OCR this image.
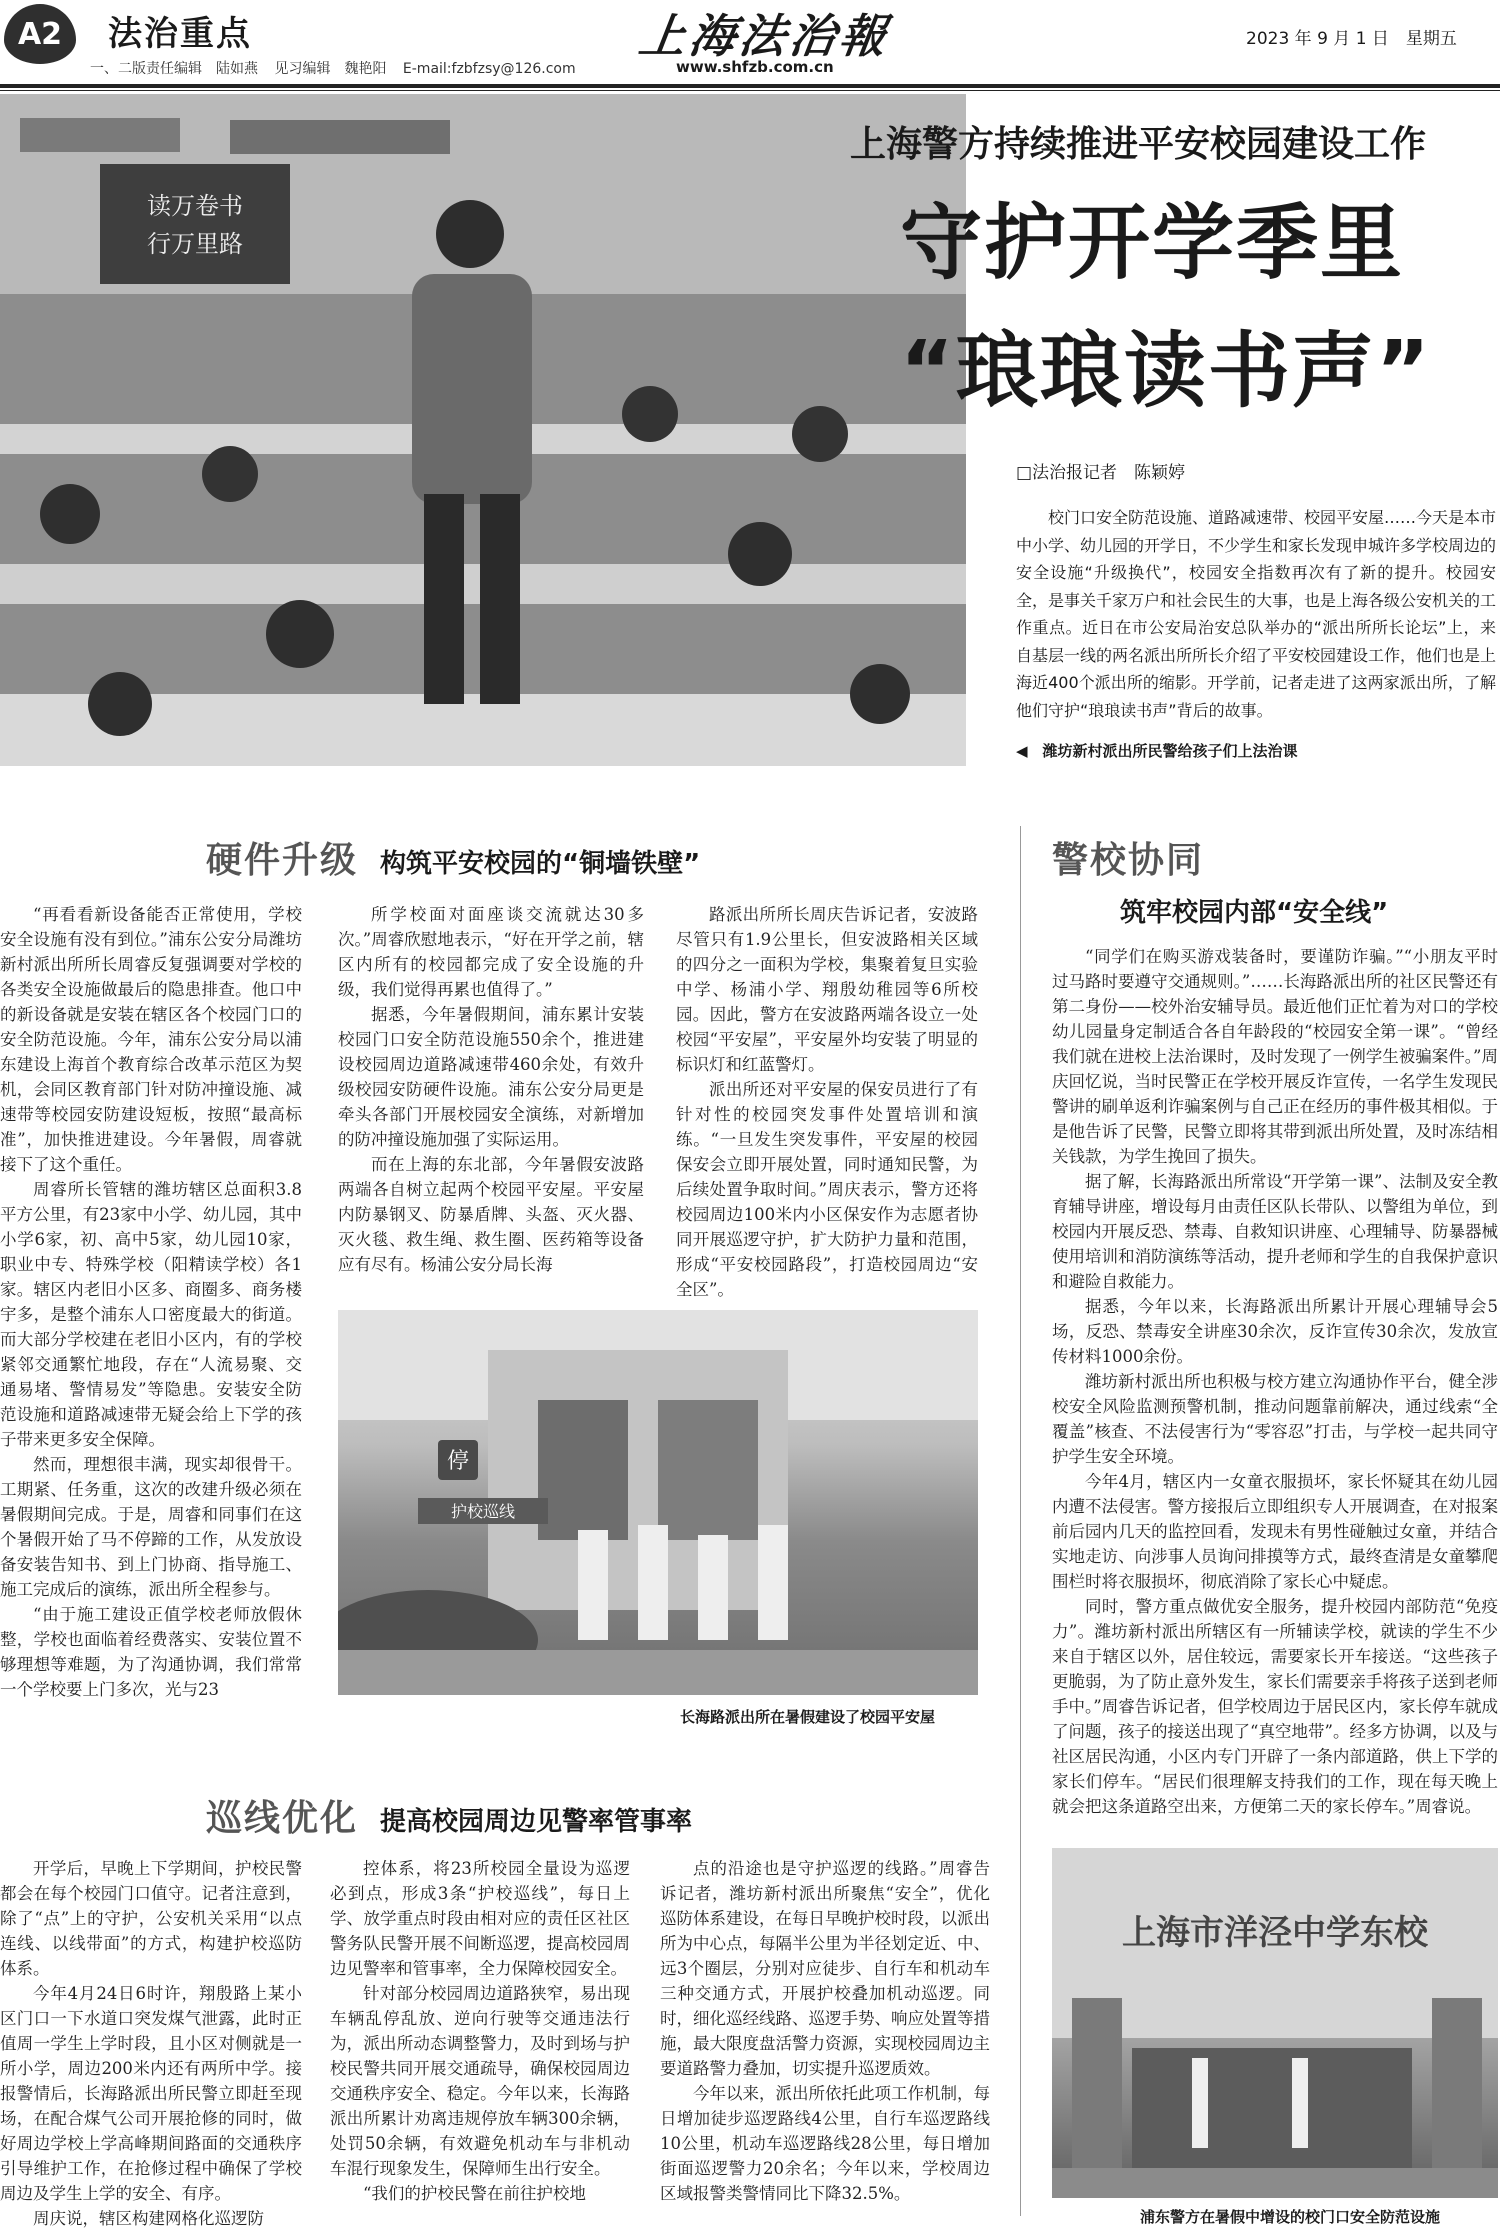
A2	法治重点
一、二版责任编辑　陆如燕 见习编辑　魏艳阳 E-mail:fzbfzsy@126.com
上海法治報
www.shfzb.com.cn
2023 年 9 月 1 日　星期五
读万卷书
行万里路
上海警方持续推进平安校园建设工作
守护开学季里
“琅琅读书声”
□法治报记者　陈颖婷
校门口安全防范设施、道路减速带、校园平安屋……今天是本市中小学、幼儿园的开学日，不少学生和家长发现申城许多学校周边的安全设施“升级换代”，校园安全指数再次有了新的提升。校园安全，是事关千家万户和社会民生的大事，也是上海各级公安机关的工作重点。近日在市公安局治安总队举办的“派出所所长论坛”上，来自基层一线的两名派出所所长介绍了平安校园建设工作，他们也是上海近400个派出所的缩影。开学前，记者走进了这两家派出所，了解他们守护“琅琅读书声”背后的故事。
◀　潍坊新村派出所民警给孩子们上法治课
硬件升级 构筑平安校园的“铜墙铁壁”

“再看看新设备能否正常使用，学校安全设施有没有到位。”浦东公安分局潍坊新村派出所所长周睿反复强调要对学校的各类安全设施做最后的隐患排查。他口中的新设备就是安装在辖区各个校园门口的安全防范设施。今年，浦东公安分局以浦东建设上海首个教育综合改革示范区为契机，会同区教育部门针对防冲撞设施、减速带等校园安防建设短板，按照“最高标准”，加快推进建设。今年暑假，周睿就接下了这个重任。

周睿所长管辖的潍坊辖区总面积3.8平方公里，有23家中小学、幼儿园，其中小学6家，初、高中5家，幼儿园10家，职业中专、特殊学校（阳精读学校）各1家。辖区内老旧小区多、商圈多、商务楼宇多，是整个浦东人口密度最大的街道。而大部分学校建在老旧小区内，有的学校紧邻交通繁忙地段，存在“人流易聚、交通易堵、警情易发”等隐患。安装安全防范设施和道路减速带无疑会给上下学的孩子带来更多安全保障。

然而，理想很丰满，现实却很骨干。工期紧、任务重，这次的改建升级必须在暑假期间完成。于是，周睿和同事们在这个暑假开始了马不停蹄的工作，从发放设备安装告知书、到上门协商、指导施工、施工完成后的演练，派出所全程参与。

“由于施工建设正值学校老师放假休整，学校也面临着经费落实、安装位置不够理想等难题，为了沟通协调，我们常常一个学校要上门多次，光与23

所学校面对面座谈交流就达30多次。”周睿欣慰地表示，“好在开学之前，辖区内所有的校园都完成了安全设施的升级，我们觉得再累也值得了。”

据悉，今年暑假期间，浦东累计安装校园门口安全防范设施550余个，推进建设校园周边道路减速带460余处，有效升级校园安防硬件设施。浦东公安分局更是牵头各部门开展校园安全演练，对新增加的防冲撞设施加强了实际运用。

而在上海的东北部，今年暑假安波路两端各自树立起两个校园平安屋。平安屋内防暴钢叉、防暴盾牌、头盔、灭火器、灭火毯、救生绳、救生圈、医药箱等设备应有尽有。杨浦公安分局长海

路派出所所长周庆告诉记者，安波路尽管只有1.9公里长，但安波路相关区域的四分之一面积为学校，集聚着复旦实验中学、杨浦小学、翔殷幼稚园等6所校园。因此，警方在安波路两端各设立一处校园“平安屋”，平安屋外均安装了明显的标识灯和红蓝警灯。

派出所还对平安屋的保安员进行了有针对性的校园突发事件处置培训和演练。“一旦发生突发事件，平安屋的校园保安会立即开展处置，同时通知民警，为后续处置争取时间。”周庆表示，警方还将校园周边100米内小区保安作为志愿者协同开展巡逻守护，扩大防护力量和范围，形成“平安校园路段”，打造校园周边“安全区”。

停
护校巡线
长海路派出所在暑假建设了校园平安屋
巡线优化 提高校园周边见警率管事率

开学后，早晚上下学期间，护校民警都会在每个校园门口值守。记者注意到，除了“点”上的守护，公安机关采用“以点连线、以线带面”的方式，构建护校巡防体系。

今年4月24日6时许，翔殷路上某小区门口一下水道口突发煤气泄露，此时正值周一学生上学时段，且小区对侧就是一所小学，周边200米内还有两所中学。接报警情后，长海路派出所民警立即赶至现场，在配合煤气公司开展抢修的同时，做好周边学校上学高峰期间路面的交通秩序引导维护工作，在抢修过程中确保了学校周边及学生上学的安全、有序。

周庆说，辖区构建网格化巡逻防

控体系，将23所校园全量设为巡逻必到点，形成3条“护校巡线”，每日上学、放学重点时段由相对应的责任区社区警务队民警开展不间断巡逻，提高校园周边见警率和管事率，全力保障校园安全。

针对部分校园周边道路狭窄，易出现车辆乱停乱放、逆向行驶等交通违法行为，派出所动态调整警力，及时到场与护校民警共同开展交通疏导，确保校园周边交通秩序安全、稳定。今年以来，长海路派出所累计劝离违规停放车辆300余辆，处罚50余辆，有效避免机动车与非机动车混行现象发生，保障师生出行安全。

“我们的护校民警在前往护校地

点的沿途也是守护巡逻的线路。”周睿告诉记者，潍坊新村派出所聚焦“安全”，优化巡防体系建设，在每日早晚护校时段，以派出所为中心点，每隔半公里为半径划定近、中、远3个圈层，分别对应徒步、自行车和机动车三种交通方式，开展护校叠加机动巡逻。同时，细化巡经线路、巡逻手势、响应处置等措施，最大限度盘活警力资源，实现校园周边主要道路警力叠加，切实提升巡逻质效。

今年以来，派出所依托此项工作机制，每日增加徒步巡逻路线4公里，自行车巡逻路线10公里，机动车巡逻路线28公里，每日增加街面巡逻警力20余名；今年以来，学校周边区域报警类警情同比下降32.5%。

警校协同
筑牢校园内部“安全线”

“同学们在购买游戏装备时，要谨防诈骗。”“小朋友平时过马路时要遵守交通规则。”……长海路派出所的社区民警还有第二身份——校外治安辅导员。最近他们正忙着为对口的学校幼儿园量身定制适合各自年龄段的“校园安全第一课”。“曾经我们就在进校上法治课时，及时发现了一例学生被骗案件。”周庆回忆说，当时民警正在学校开展反诈宣传，一名学生发现民警讲的刷单返利诈骗案例与自己正在经历的事件极其相似。于是他告诉了民警，民警立即将其带到派出所处置，及时冻结相关钱款，为学生挽回了损失。

据了解，长海路派出所常设“开学第一课”、法制及安全教育辅导讲座，增设每月由责任区队长带队、以警组为单位，到校园内开展反恐、禁毒、自救知识讲座、心理辅导、防暴器械使用培训和消防演练等活动，提升老师和学生的自我保护意识和避险自救能力。

据悉，今年以来，长海路派出所累计开展心理辅导会5场，反恐、禁毒安全讲座30余次，反诈宣传30余次，发放宣传材料1000余份。

潍坊新村派出所也积极与校方建立沟通协作平台，健全涉校安全风险监测预警机制，推动问题靠前解决，通过线索“全覆盖”核查、不法侵害行为“零容忍”打击，与学校一起共同守护学生安全环境。

今年4月，辖区内一女童衣服损坏，家长怀疑其在幼儿园内遭不法侵害。警方接报后立即组织专人开展调查，在对报案前后园内几天的监控回看，发现未有男性碰触过女童，并结合实地走访、向涉事人员询问排摸等方式，最终查清是女童攀爬围栏时将衣服损坏，彻底消除了家长心中疑虑。

同时，警方重点做优安全服务，提升校园内部防范“免疫力”。潍坊新村派出所辖区有一所辅读学校，就读的学生不少来自于辖区以外，居住较远，需要家长开车接送。“这些孩子更脆弱，为了防止意外发生，家长们需要亲手将孩子送到老师手中。”周睿告诉记者，但学校周边于居民区内，家长停车就成了问题，孩子的接送出现了“真空地带”。经多方协调，以及与社区居民沟通，小区内专门开辟了一条内部道路，供上下学的家长们停车。“居民们很理解支持我们的工作，现在每天晚上就会把这条道路空出来，方便第二天的家长停车。”周睿说。

上海市洋泾中学东校
浦东警方在暑假中增设的校门口安全防范设施
